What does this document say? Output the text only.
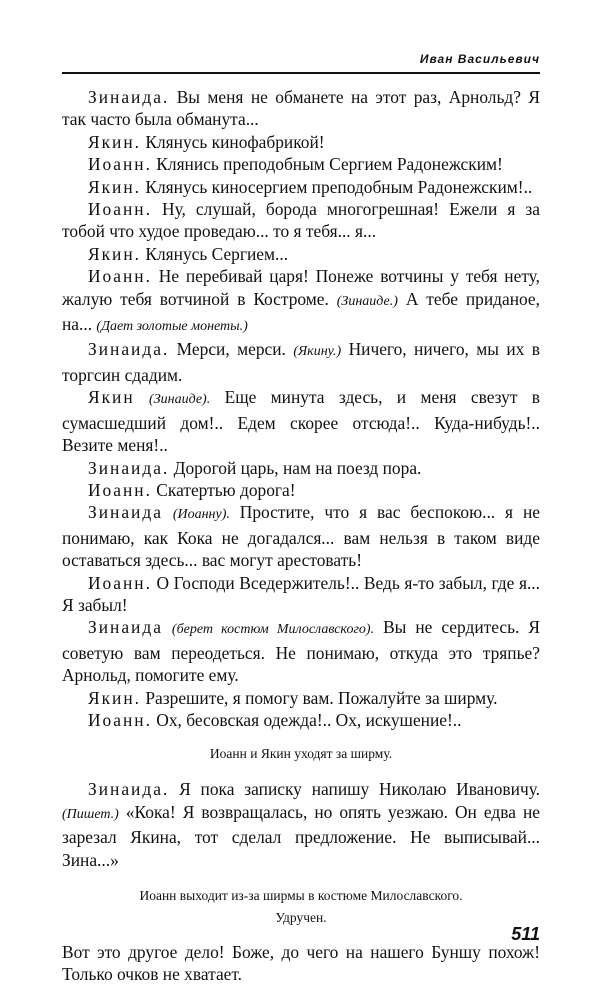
Иван Васильевич

Зинаида. Вы меня не обманете на этот раз, Арнольд? Я так часто была обманута...

Якин. Клянусь кинофабрикой!

Иоанн. Клянись преподобным Сергием Радонежским!

Якин. Клянусь киносергием преподобным Радонежским!..

Иоанн. Ну, слушай, борода многогрешная! Ежели я за тобой что худое проведаю... то я тебя... я...

Якин. Клянусь Сергием...

Иоанн. Не перебивай царя! Понеже вотчины у тебя нету, жалую тебя вотчиной в Костроме. (Зинаиде.) А тебе приданое, на... (Дает золотые монеты.)

Зинаида. Мерси, мерси. (Якину.) Ничего, ничего, мы их в торгсин сдадим.

Якин (Зинаиде). Еще минута здесь, и меня свезут в сумасшедший дом!.. Едем скорее отсюда!.. Куда-нибудь!.. Везите меня!..

Зинаида. Дорогой царь, нам на поезд пора.

Иоанн. Скатертью дорога!

Зинаида (Иоанну). Простите, что я вас беспокою... я не понимаю, как Кока не догадался... вам нельзя в таком виде оставаться здесь... вас могут арестовать!

Иоанн. О Господи Вседержитель!.. Ведь я-то забыл, где я... Я забыл!

Зинаида (берет костюм Милославского). Вы не сердитесь. Я советую вам переодеться. Не понимаю, откуда это тряпье? Арнольд, помогите ему.

Якин. Разрешите, я помогу вам. Пожалуйте за ширму.

Иоанн. Ох, бесовская одежда!.. Ох, искушение!..

Иоанн и Якин уходят за ширму.

Зинаида. Я пока записку напишу Николаю Ивановичу. (Пишет.) «Кока! Я возвращалась, но опять уезжаю. Он едва не зарезал Якина, тот сделал предложение. Не выписывай... Зина...»

Иоанн выходит из-за ширмы в костюме Милославского.
Удручен.

Вот это другое дело! Боже, до чего на нашего Буншу похож! Только очков не хватает.

511
